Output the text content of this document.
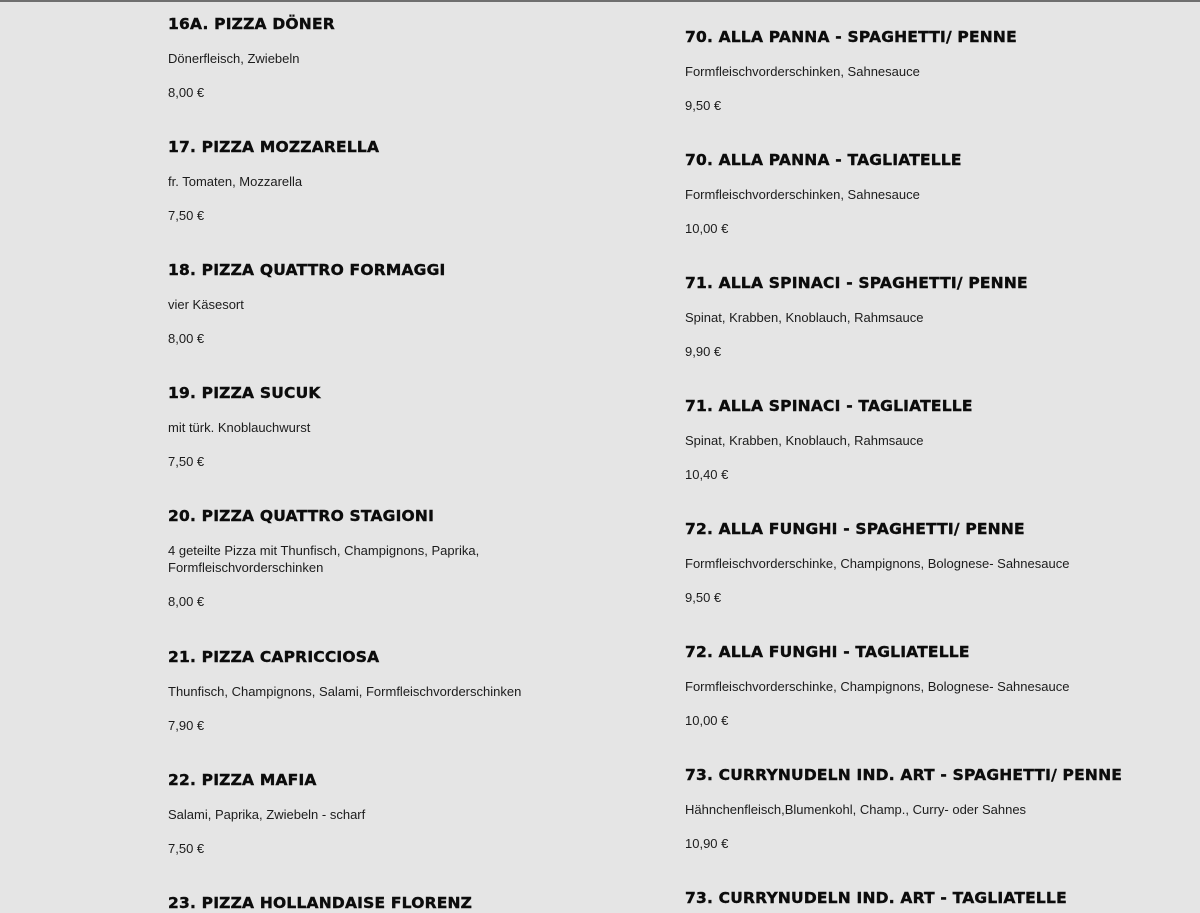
16A. PIZZA DÖNER
Dönerfleisch, Zwiebeln
8,00 €
17. PIZZA MOZZARELLA
fr. Tomaten, Mozzarella
7,50 €
18. PIZZA QUATTRO FORMAGGI
vier Käsesort
8,00 €
19. PIZZA SUCUK
mit türk. Knoblauchwurst
7,50 €
20. PIZZA QUATTRO STAGIONI
4 geteilte Pizza mit Thunfisch, Champignons, Paprika, Formfleischvorderschinken
8,00 €
21. PIZZA CAPRICCIOSA
Thunfisch, Champignons, Salami, Formfleischvorderschinken
7,90 €
22. PIZZA MAFIA
Salami, Paprika, Zwiebeln - scharf
7,50 €
23. PIZZA HOLLANDAISE FLORENZ
70. ALLA PANNA - SPAGHETTI/ PENNE
Formfleischvorderschinken, Sahnesauce
9,50 €
70. ALLA PANNA - TAGLIATELLE
Formfleischvorderschinken, Sahnesauce
10,00 €
71. ALLA SPINACI - SPAGHETTI/ PENNE
Spinat, Krabben, Knoblauch, Rahmsauce
9,90 €
71. ALLA SPINACI - TAGLIATELLE
Spinat, Krabben, Knoblauch, Rahmsauce
10,40 €
72. ALLA FUNGHI - SPAGHETTI/ PENNE
Formfleischvorderschinke, Champignons, Bolognese- Sahnesauce
9,50 €
72. ALLA FUNGHI - TAGLIATELLE
Formfleischvorderschinke, Champignons, Bolognese- Sahnesauce
10,00 €
73. CURRYNUDELN IND. ART - SPAGHETTI/ PENNE
Hähnchenfleisch,Blumenkohl, Champ., Curry- oder Sahnes
10,90 €
73. CURRYNUDELN IND. ART - TAGLIATELLE
